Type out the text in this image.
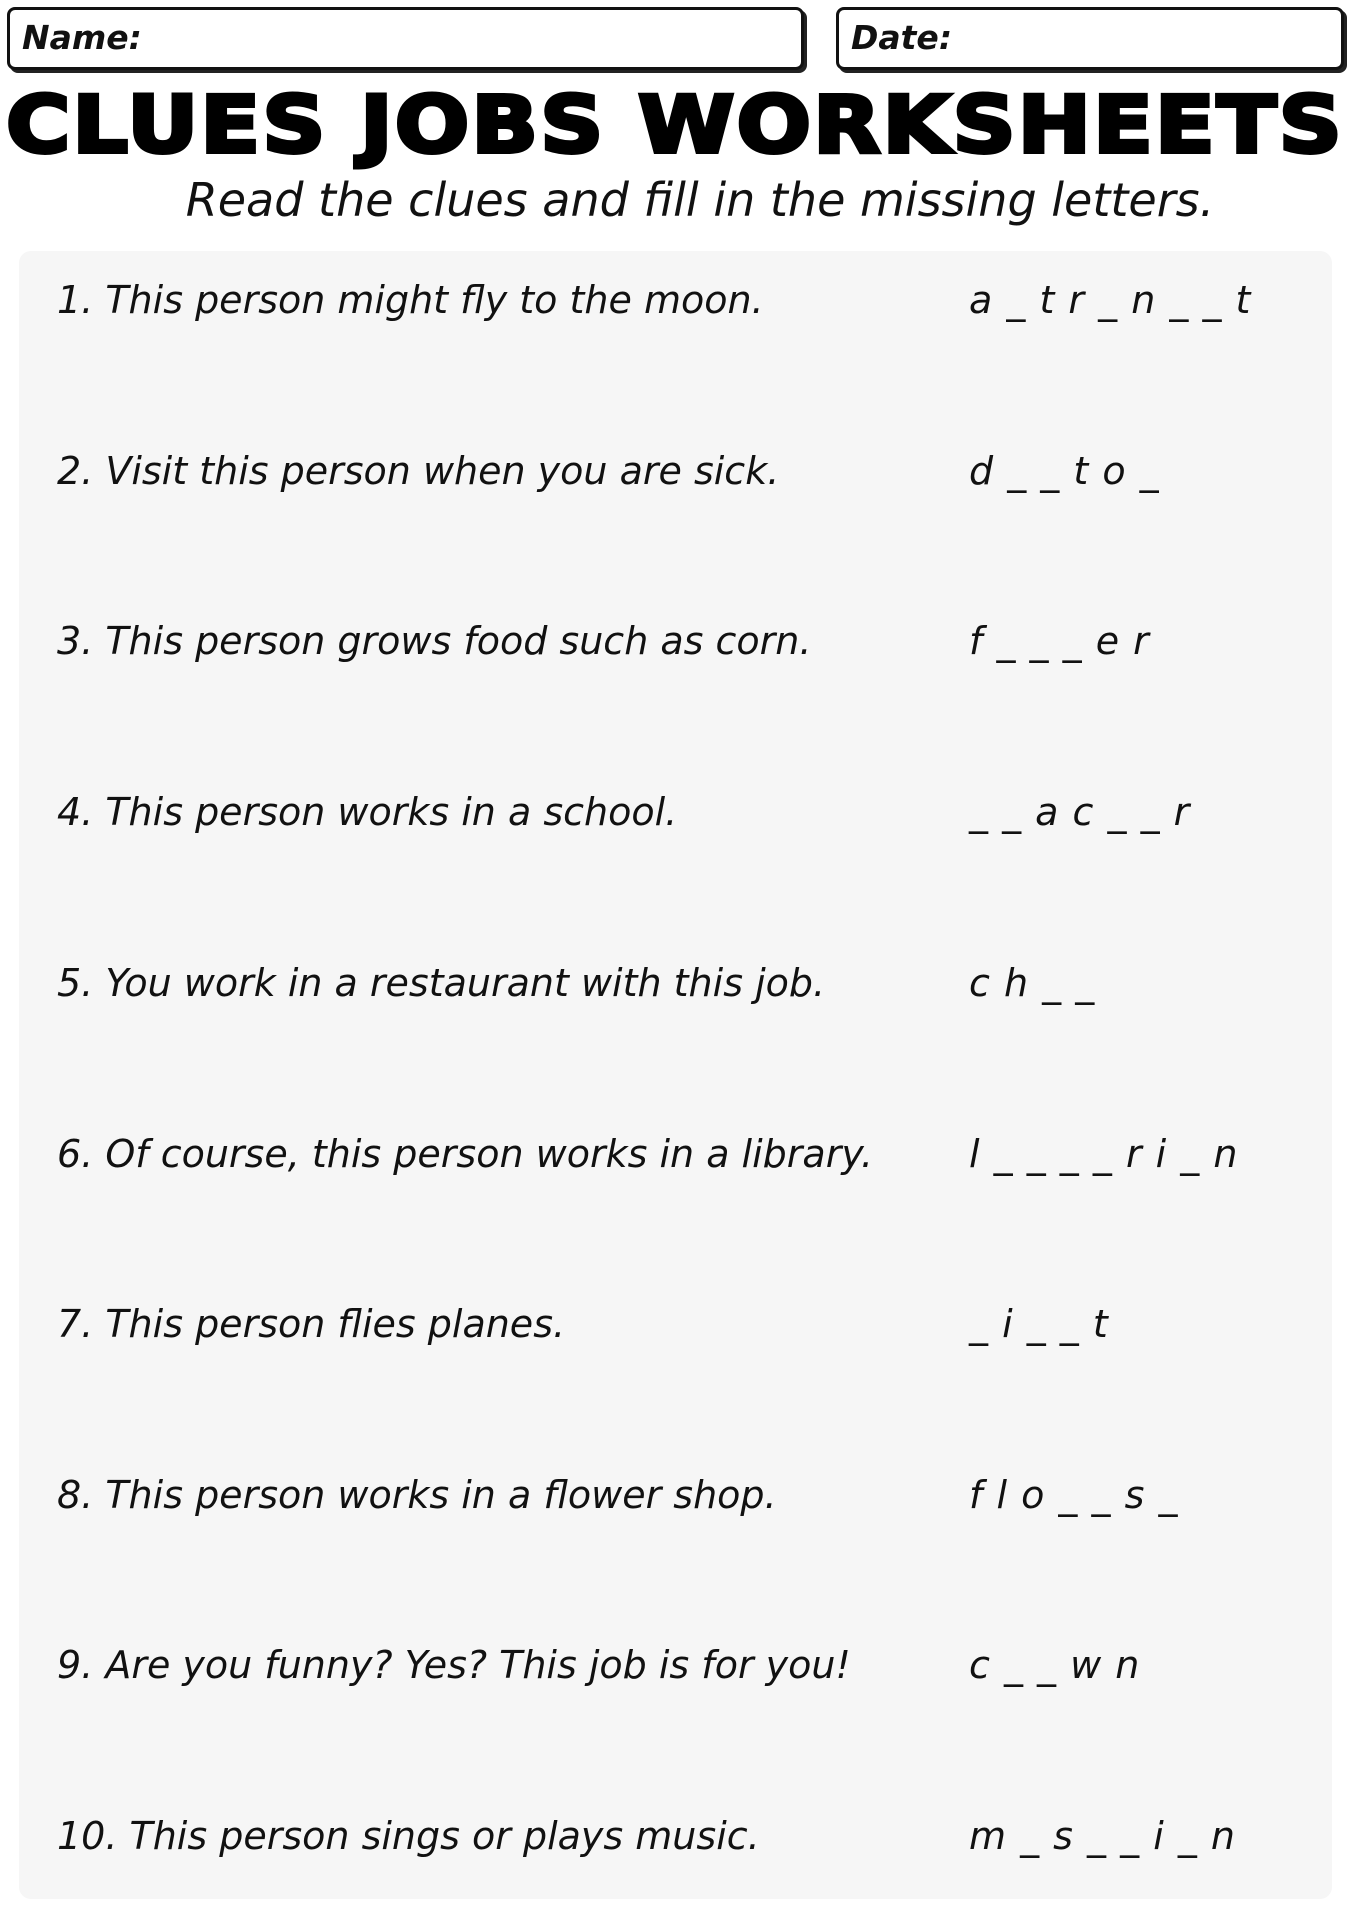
Name:	Date:
CLUES JOBS WORKSHEETS
Read the clues and fill in the missing letters.
1. This person might fly to the moon.	a _ t r _ n _ _ t
2. Visit this person when you are sick.	d _ _ t o _
3. This person grows food such as corn.	f _ _ _ e r
4. This person works in a school.	_ _ a c _ _ r
5. You work in a restaurant with this job.	c h _ _
6. Of course, this person works in a library.	l _ _ _ _ r i _ n
7. This person flies planes.	_ i _ _ t
8. This person works in a flower shop.	f l o _ _ s _
9. Are you funny? Yes? This job is for you!	c _ _ w n
10. This person sings or plays music.	m _ s _ _ i _ n
